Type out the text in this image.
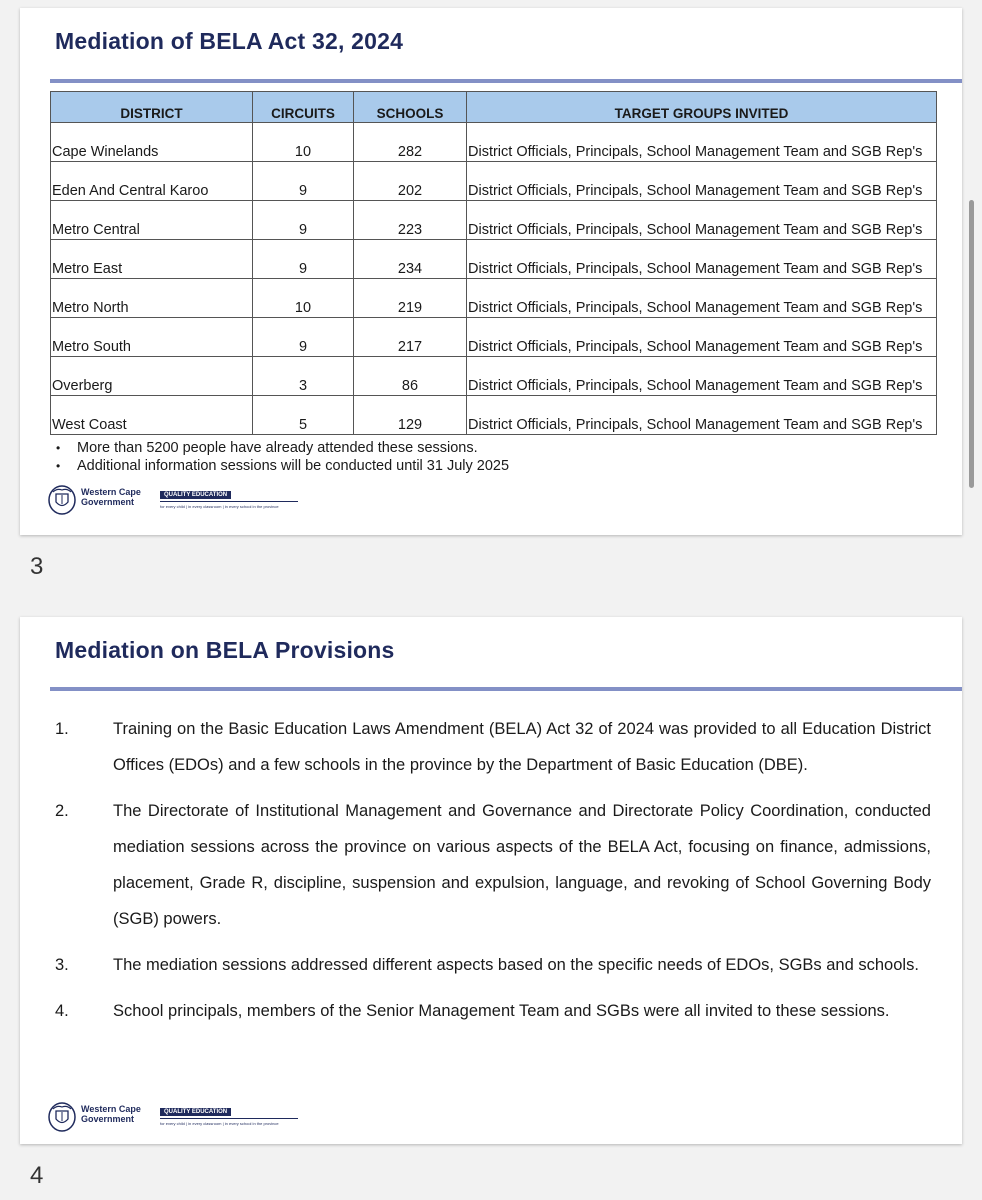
Mediation of BELA Act 32, 2024
DISTRICT	CIRCUITS	SCHOOLS	TARGET GROUPS INVITED
Cape Winelands	10	282	District Officials, Principals, School Management Team and SGB Rep's
Eden And Central Karoo	9	202	District Officials, Principals, School Management Team and SGB Rep's
Metro Central	9	223	District Officials, Principals, School Management Team and SGB Rep's
Metro East	9	234	District Officials, Principals, School Management Team and SGB Rep's
Metro North	10	219	District Officials, Principals, School Management Team and SGB Rep's
Metro South	9	217	District Officials, Principals, School Management Team and SGB Rep's
Overberg	3	86	District Officials, Principals, School Management Team and SGB Rep's
West Coast	5	129	District Officials, Principals, School Management Team and SGB Rep's
• More than 5200 people have already attended these sessions.
• Additional information sessions will be conducted until 31 July 2025
Western Cape
Government
QUALITY EDUCATION
for every child | in every classroom | in every school in the province
3
Mediation on BELA Provisions
1.	Training on the Basic Education Laws Amendment (BELA) Act 32 of 2024 was provided to all Education District Offices (EDOs) and a few schools in the province by the Department of Basic Education (DBE).
2.	The Directorate of Institutional Management and Governance and Directorate Policy Coordination, conducted mediation sessions across the province on various aspects of the BELA Act, focusing on finance, admissions, placement, Grade R, discipline, suspension and expulsion, language, and revoking of School Governing Body (SGB) powers.
3.	The mediation sessions addressed different aspects based on the specific needs of EDOs, SGBs and schools.
4.	School principals, members of the Senior Management Team and SGBs were all invited to these sessions.
Western Cape
Government
QUALITY EDUCATION
for every child | in every classroom | in every school in the province
4
